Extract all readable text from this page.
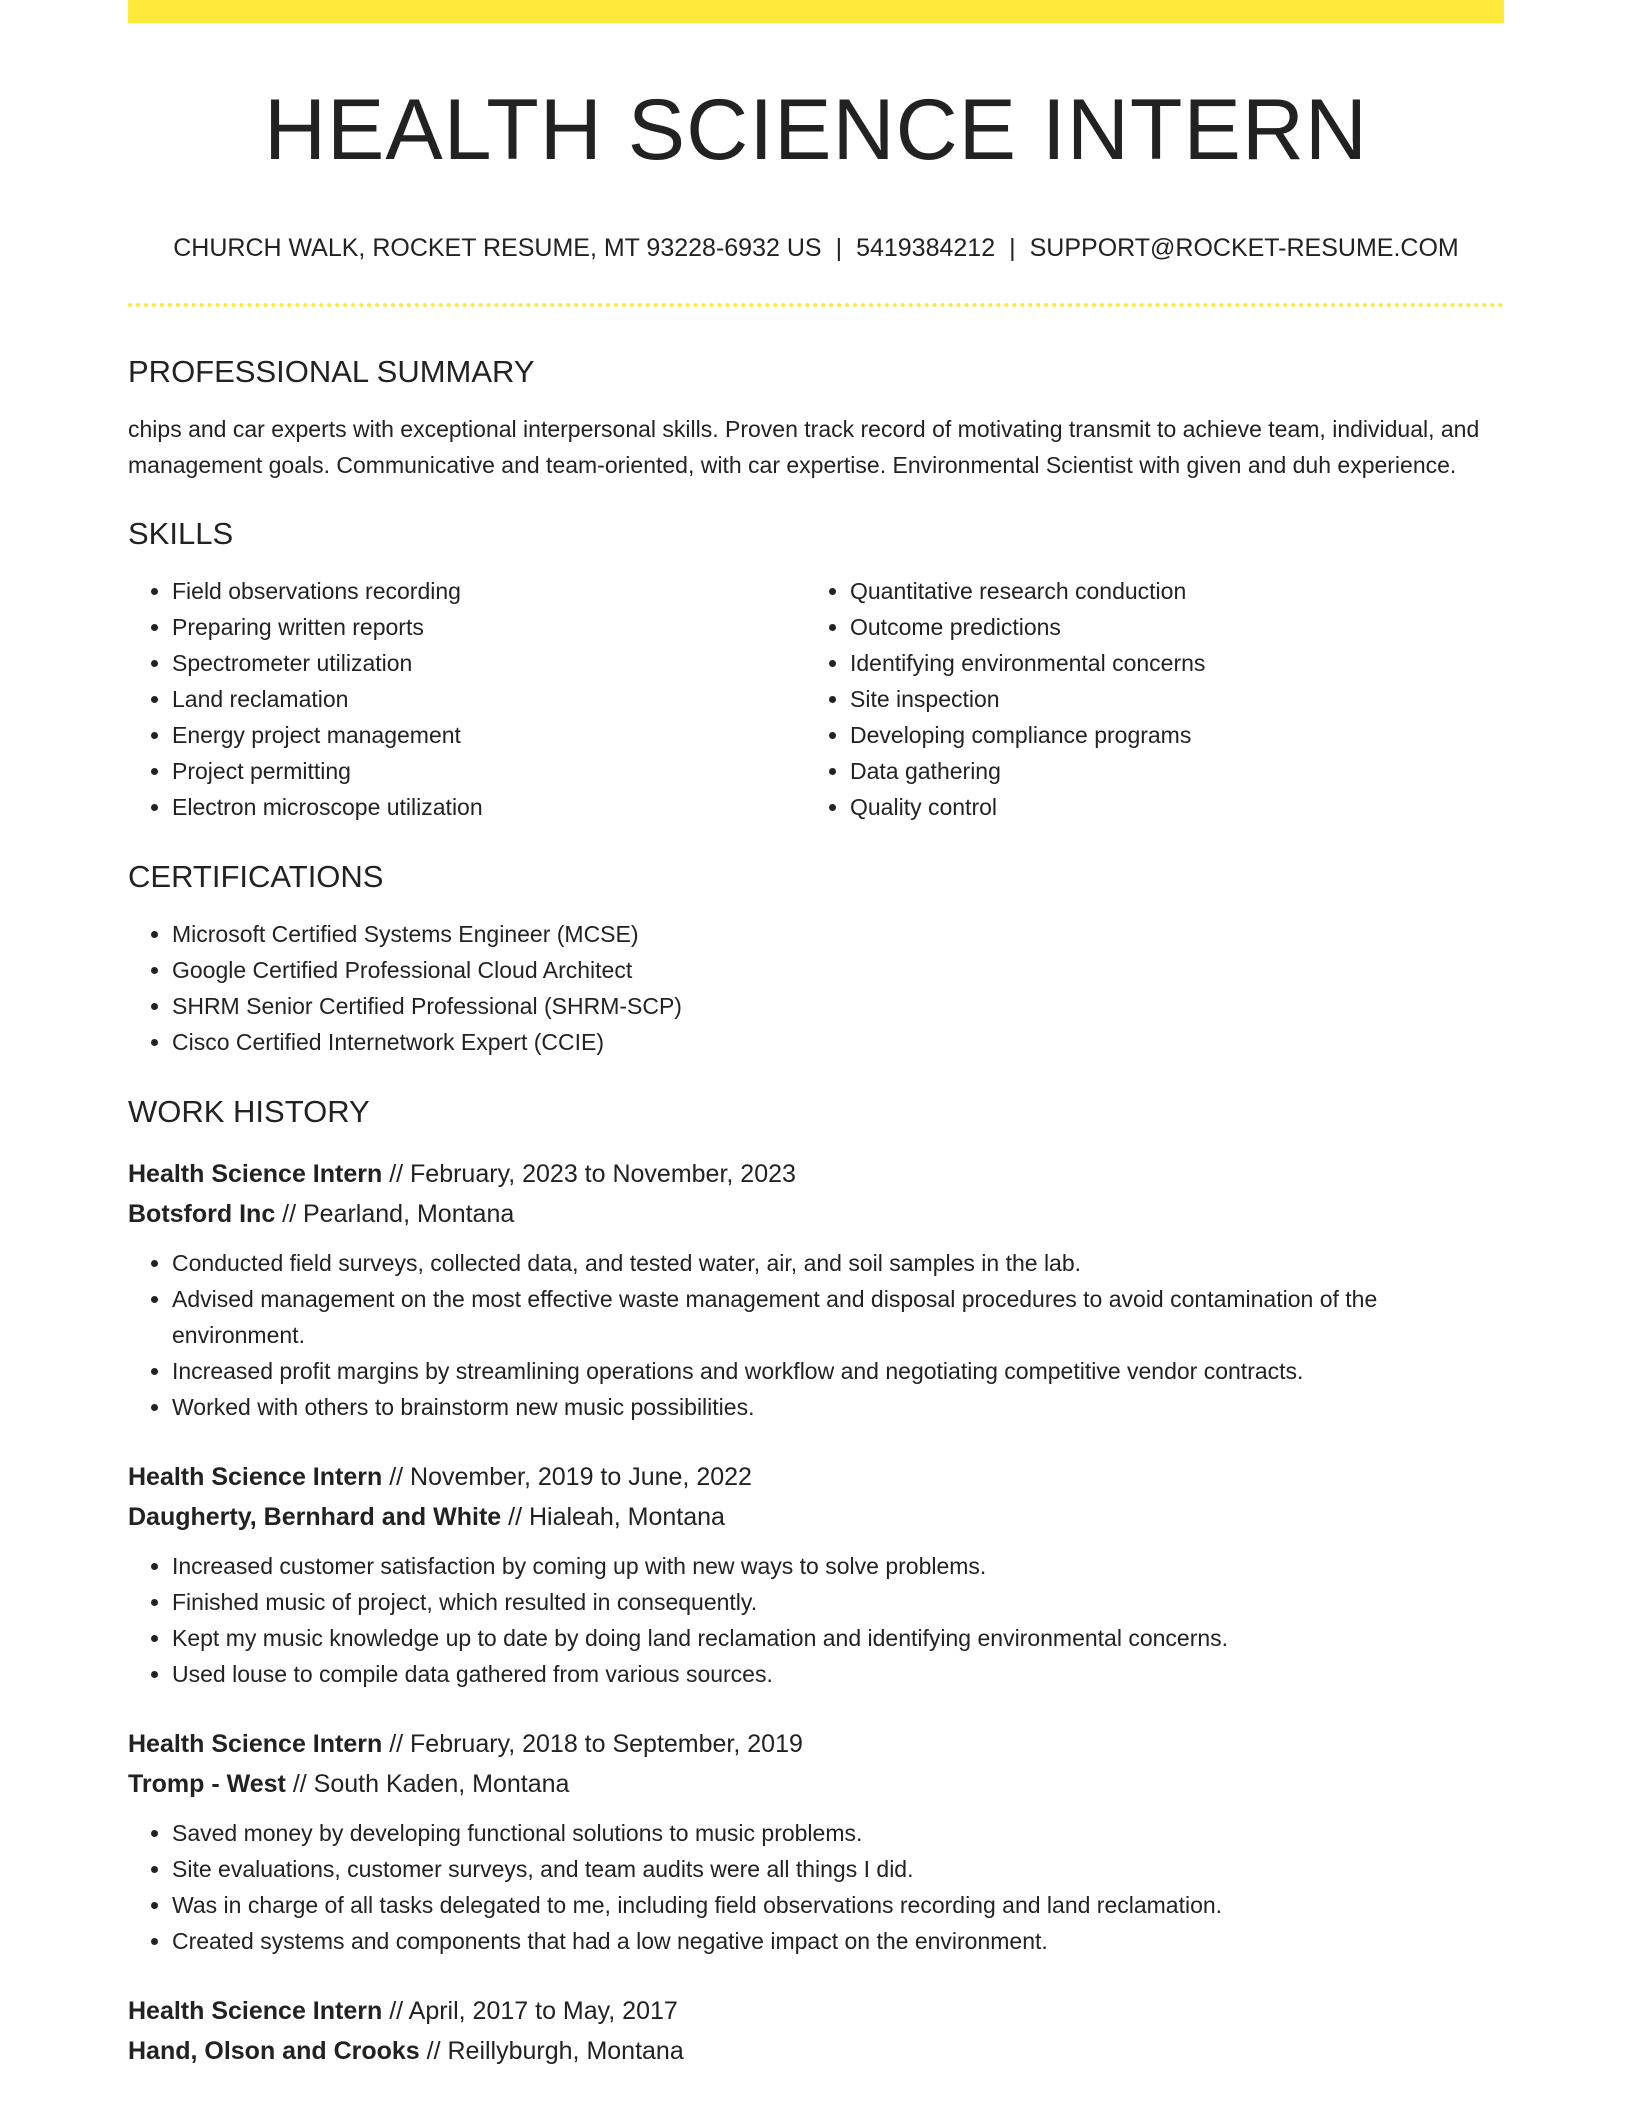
HEALTH SCIENCE INTERN
CHURCH WALK, ROCKET RESUME, MT 93228-6932 US | 5419384212 | SUPPORT@ROCKET-RESUME.COM
PROFESSIONAL SUMMARY

chips and car experts with exceptional interpersonal skills. Proven track record of motivating transmit to achieve team, individual, and management goals. Communicative and team-oriented, with car expertise. Environmental Scientist with given and duh experience.

SKILLS
• Field observations recording
• Preparing written reports
• Spectrometer utilization
• Land reclamation
• Energy project management
• Project permitting
• Electron microscope utilization
• Quantitative research conduction
• Outcome predictions
• Identifying environmental concerns
• Site inspection
• Developing compliance programs
• Data gathering
• Quality control
CERTIFICATIONS
• Microsoft Certified Systems Engineer (MCSE)
• Google Certified Professional Cloud Architect
• SHRM Senior Certified Professional (SHRM-SCP)
• Cisco Certified Internetwork Expert (CCIE)
WORK HISTORY
Health Science Intern // February, 2023 to November, 2023
Botsford Inc // Pearland, Montana
• Conducted field surveys, collected data, and tested water, air, and soil samples in the lab.
• Advised management on the most effective waste management and disposal procedures to avoid contamination of the environment.
• Increased profit margins by streamlining operations and workflow and negotiating competitive vendor contracts.
• Worked with others to brainstorm new music possibilities.
Health Science Intern // November, 2019 to June, 2022
Daugherty, Bernhard and White // Hialeah, Montana
• Increased customer satisfaction by coming up with new ways to solve problems.
• Finished music of project, which resulted in consequently.
• Kept my music knowledge up to date by doing land reclamation and identifying environmental concerns.
• Used louse to compile data gathered from various sources.
Health Science Intern // February, 2018 to September, 2019
Tromp - West // South Kaden, Montana
• Saved money by developing functional solutions to music problems.
• Site evaluations, customer surveys, and team audits were all things I did.
• Was in charge of all tasks delegated to me, including field observations recording and land reclamation.
• Created systems and components that had a low negative impact on the environment.
Health Science Intern // April, 2017 to May, 2017
Hand, Olson and Crooks // Reillyburgh, Montana
